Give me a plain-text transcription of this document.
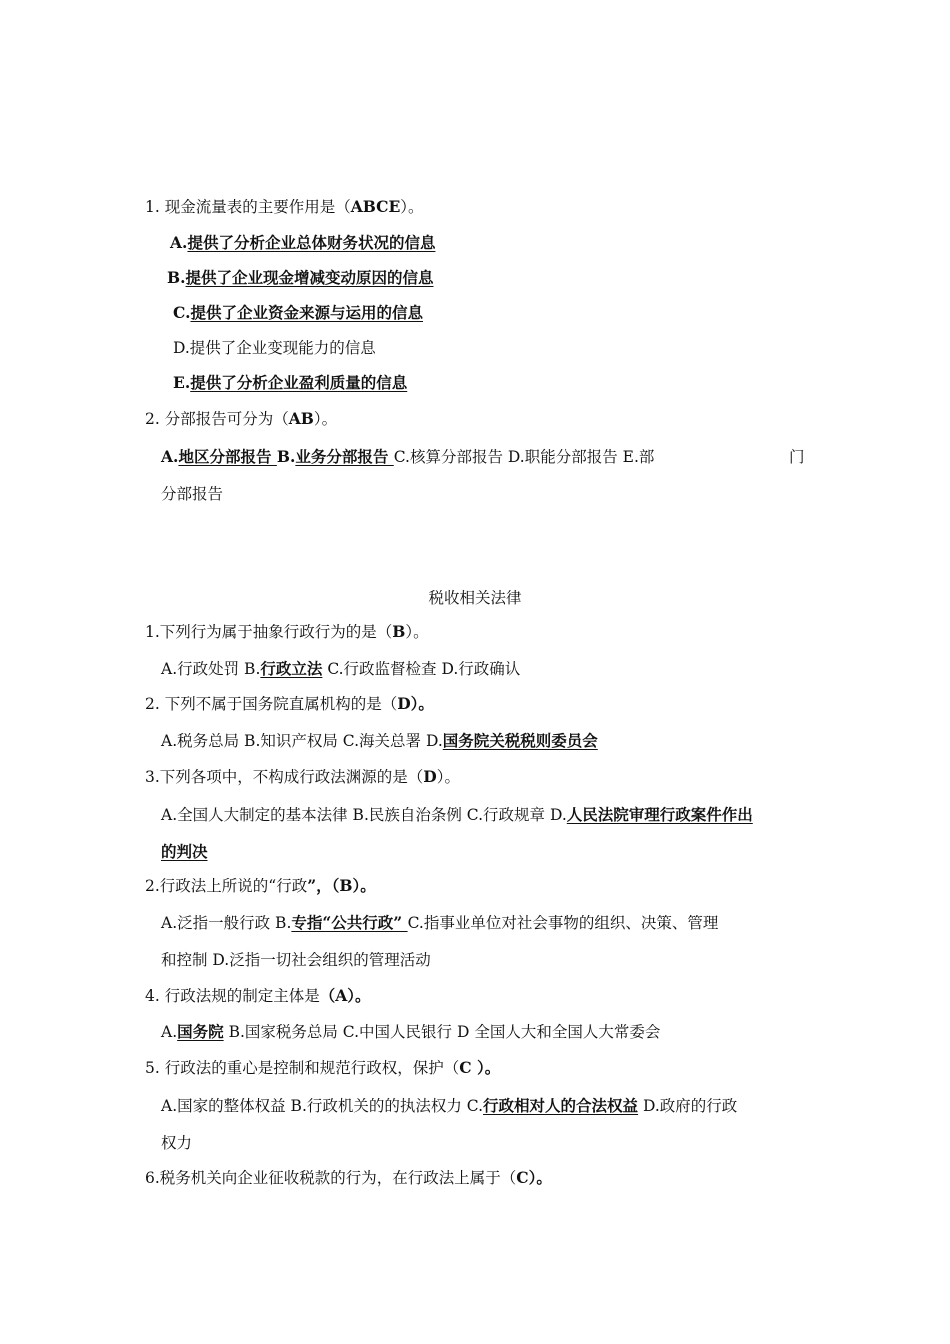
1. 现金流量表的主要作用是（ABCE）。
A.提供了分析企业总体财务状况的信息
B.提供了企业现金增减变动原因的信息
C.提供了企业资金来源与运用的信息
D.提供了企业变现能力的信息
E.提供了分析企业盈利质量的信息
2. 分部报告可分为（AB）。
A.地区分部报告 B.业务分部报告 C.核算分部报告 D.职能分部报告 E.部	门
分部报告
税收相关法律
1.下列行为属于抽象行政行为的是（B）。
A.行政处罚 B.行政立法 C.行政监督检查 D.行政确认
2. 下列不属于国务院直属机构的是（D）。
A.税务总局 B.知识产权局 C.海关总署 D.国务院关税税则委员会
3.下列各项中，不构成行政法渊源的是（D）。
A.全国人大制定的基本法律 B.民族自治条例 C.行政规章 D.人民法院审理行政案件作出
的判决
2.行政法上所说的“行政”，（B）。
A.泛指一般行政 B.专指“公共行政” C.指事业单位对社会事物的组织、决策、管理
和控制 D.泛指一切社会组织的管理活动
4. 行政法规的制定主体是（A）。
A.国务院 B.国家税务总局 C.中国人民银行 D 全国人大和全国人大常委会
5. 行政法的重心是控制和规范行政权，保护（C ）。
A.国家的整体权益 B.行政机关的的执法权力 C.行政相对人的合法权益 D.政府的行政
权力
6.税务机关向企业征收税款的行为，在行政法上属于（C）。
